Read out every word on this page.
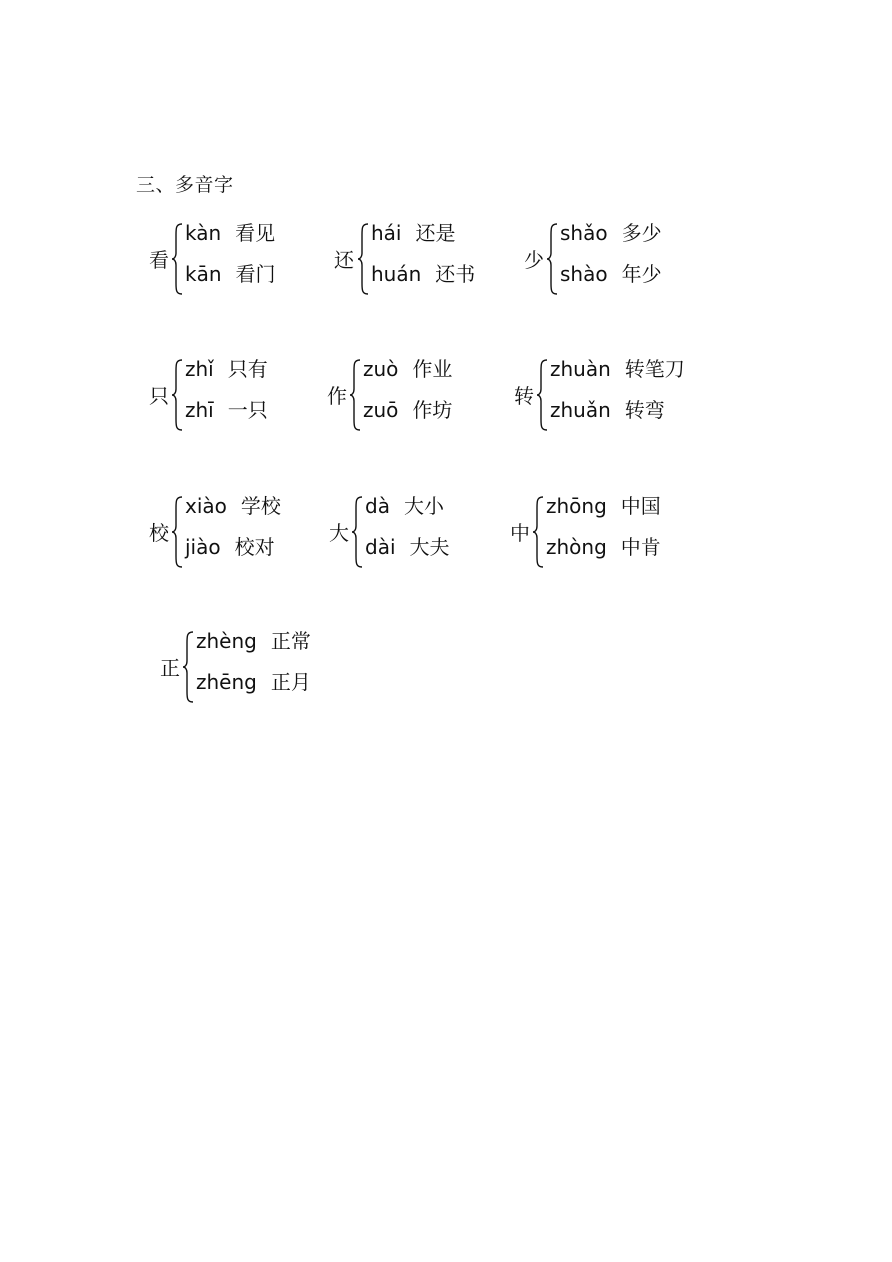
三、多音字
看
kàn 看见
kān 看门
还
hái 还是
huán 还书
少
shǎo 多少
shào 年少
只
zhǐ 只有
zhī 一只
作
zuò 作业
zuō 作坊
转
zhuàn 转笔刀
zhuǎn 转弯
校
xiào 学校
jiào 校对
大
dà 大小
dài 大夫
中
zhōng 中国
zhòng 中肯
正
zhèng 正常
zhēng 正月
